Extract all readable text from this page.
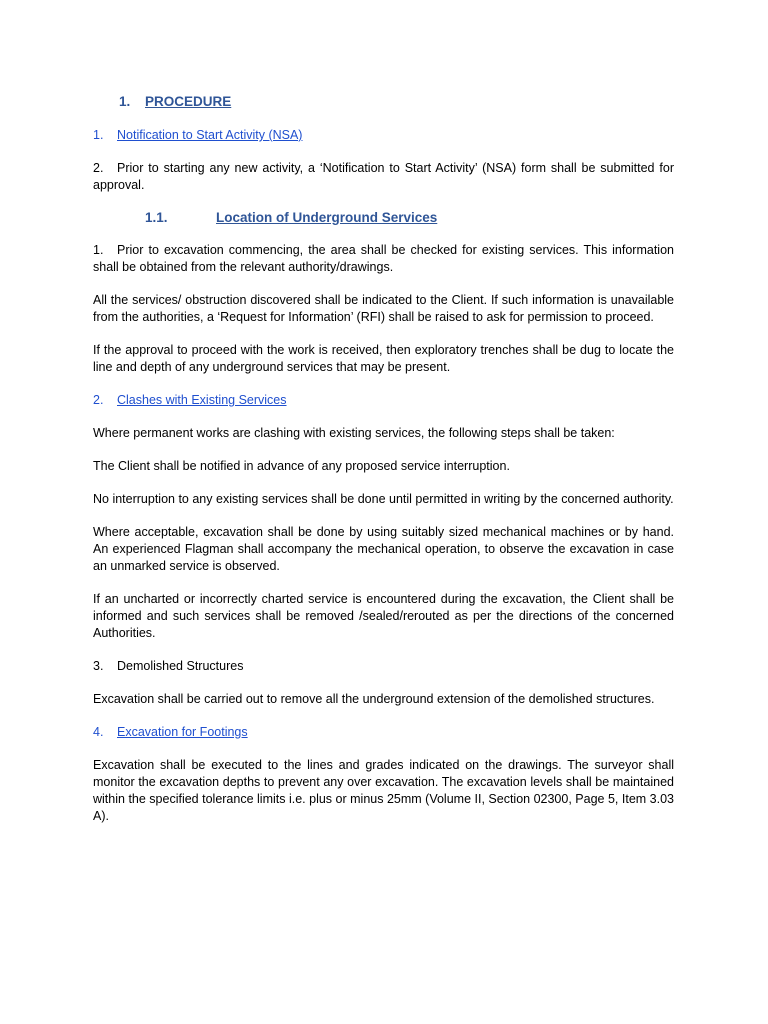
1. PROCEDURE
1. Notification to Start Activity (NSA)

2. Prior to starting any new activity, a ‘Notification to Start Activity’ (NSA) form shall be submitted for approval.

1.1.	Location of Underground Services

1. Prior to excavation commencing, the area shall be checked for existing services. This information shall be obtained from the relevant authority/drawings.

All the services/ obstruction discovered shall be indicated to the Client. If such information is unavailable from the authorities, a ‘Request for Information’ (RFI) shall be raised to ask for permission to proceed.

If the approval to proceed with the work is received, then exploratory trenches shall be dug to locate the line and depth of any underground services that may be present.

2. Clashes with Existing Services

Where permanent works are clashing with existing services, the following steps shall be taken:

The Client shall be notified in advance of any proposed service interruption.

No interruption to any existing services shall be done until permitted in writing by the concerned authority.

Where acceptable, excavation shall be done by using suitably sized mechanical machines or by hand. An experienced Flagman shall accompany the mechanical operation, to observe the excavation in case an unmarked service is observed.

If an uncharted or incorrectly charted service is encountered during the excavation, the Client shall be informed and such services shall be removed /sealed/rerouted as per the directions of the concerned Authorities.

3. Demolished Structures

Excavation shall be carried out to remove all the underground extension of the demolished structures.

4. Excavation for Footings

Excavation shall be executed to the lines and grades indicated on the drawings. The surveyor shall monitor the excavation depths to prevent any over excavation. The excavation levels shall be maintained within the specified tolerance limits i.e. plus or minus 25mm (Volume II, Section 02300, Page 5, Item 3.03 A).
